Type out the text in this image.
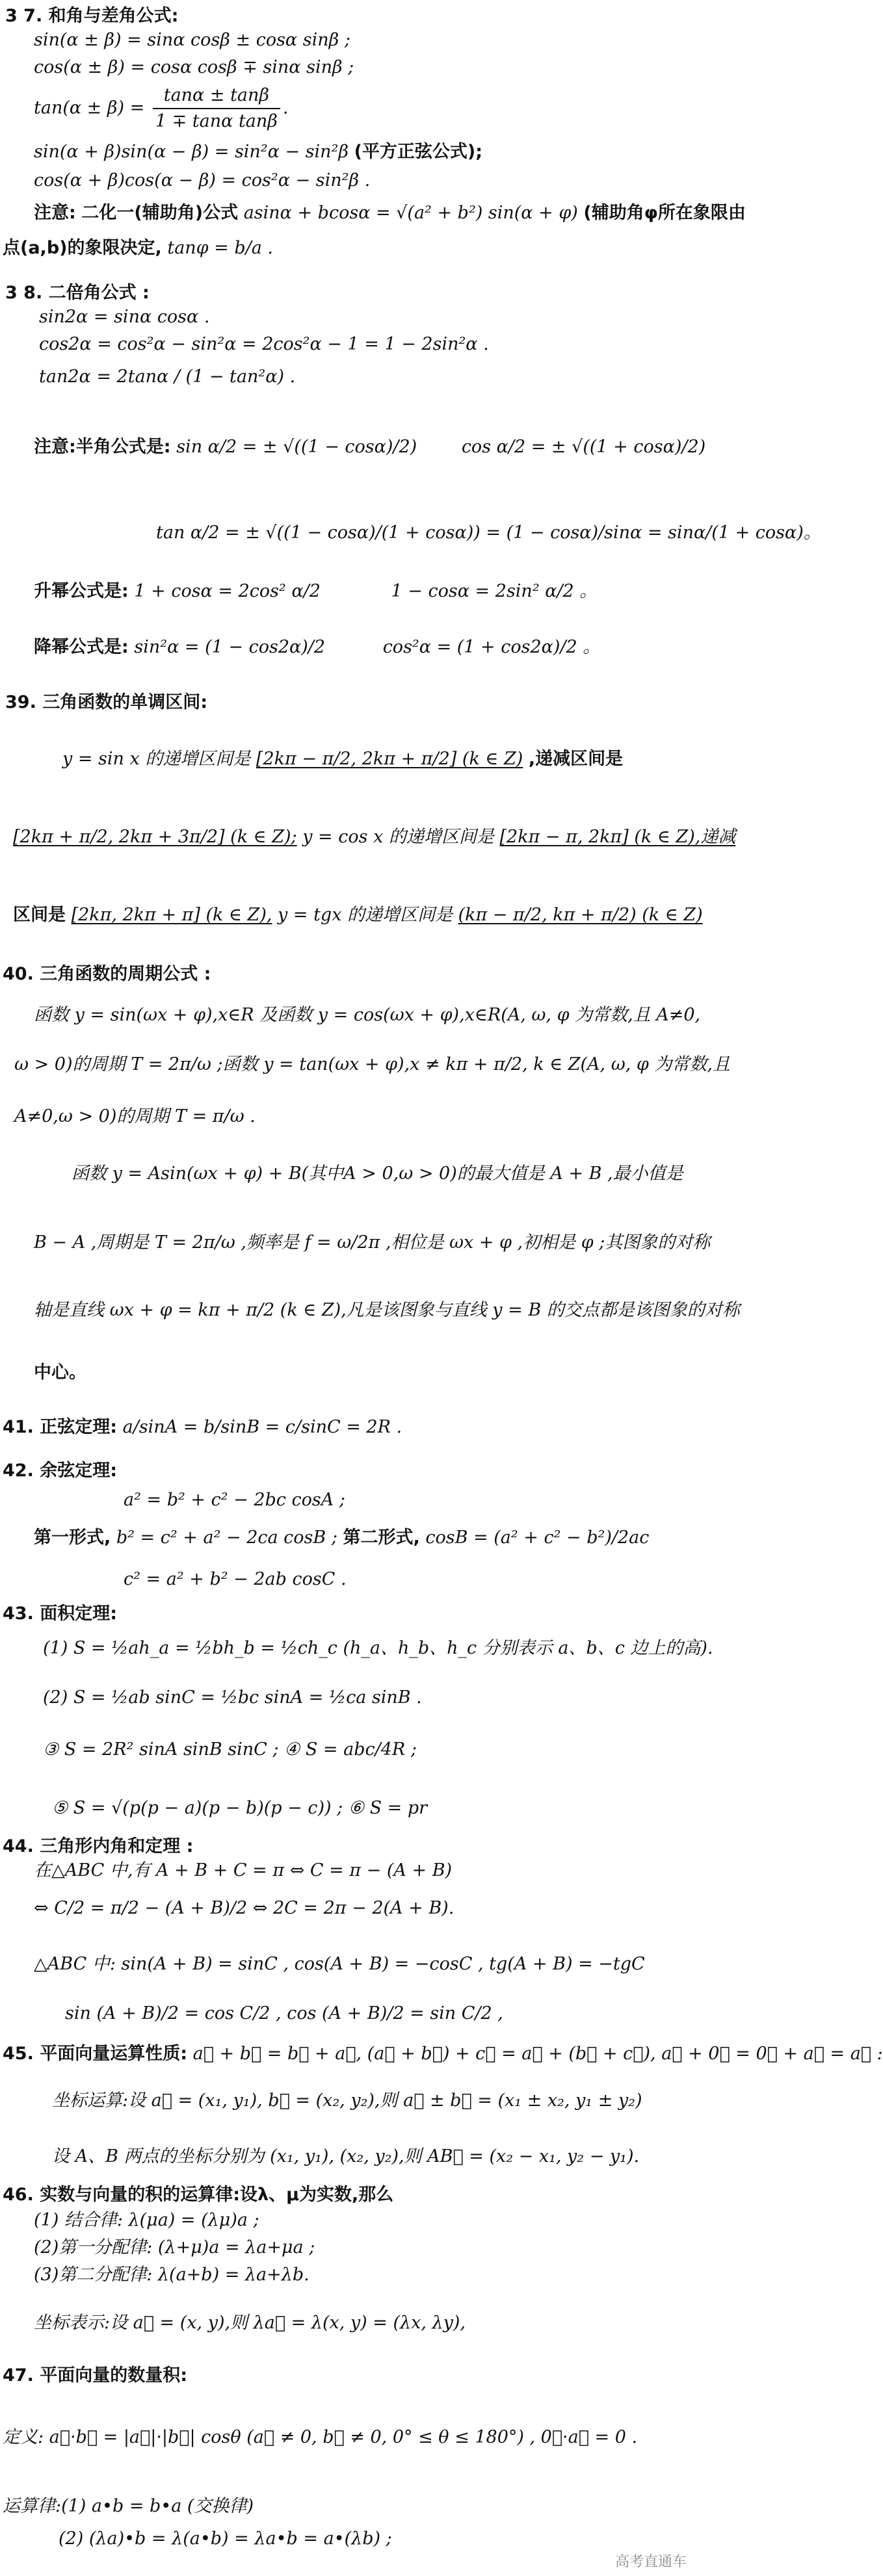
3 7. 和角与差角公式:
sin(α ± β) = sinα cosβ ± cosα sinβ ;
cos(α ± β) = cosα cosβ ∓ sinα sinβ ;
$\tan(\alpha \pm \beta) = \frac{\tan\alpha \pm \tan\beta}{\text{1 ∓ tanα tanβ}}$ .
sin(α + β)sin(α − β) = sin²α − sin²β (平方正弦公式);
cos(α + β)cos(α − β) = cos²α − sin²β .
注意: 二化一(辅助角)公式 asinα + bcosα = √(a² + b²) sin(α + φ) (辅助角φ所在象限由
点(a,b)的象限决定, tanφ = b/a .
3 8. 二倍角公式 :
sin2α = sinα cosα .
cos2α = cos²α − sin²α = 2cos²α − 1 = 1 − 2sin²α .
tan2α = 2tanα / (1 − tan²α) .
注意:半角公式是: sin α/2 = ± √((1 − cosα)/2)	cos α/2 = ± √((1 + cosα)/2)
tan α/2 = ± √((1 − cosα)/(1 + cosα)) = (1 − cosα)/sinα = sinα/(1 + cosα)。
升幂公式是: 1 + cosα = 2cos² α/2	1 − cosα = 2sin² α/2 。
降幂公式是: sin²α = (1 − cos2α)/2	cos²α = (1 + cos2α)/2 。
39. 三角函数的单调区间:
y = sin x 的递增区间是 [2kπ − π/2, 2kπ + π/2] (k ∈ Z) ,递减区间是
[2kπ + π/2, 2kπ + 3π/2] (k ∈ Z); y = cos x 的递增区间是 [2kπ − π, 2kπ] (k ∈ Z),递减
区间是 [2kπ, 2kπ + π] (k ∈ Z), y = tgx 的递增区间是 (kπ − π/2, kπ + π/2) (k ∈ Z)
40. 三角函数的周期公式 :
函数 y = sin(ωx + φ),x∈R 及函数 y = cos(ωx + φ),x∈R(A, ω, φ 为常数,且 A≠0,
ω > 0)的周期 T = 2π/ω ;函数 y = tan(ωx + φ),x ≠ kπ + π/2, k ∈ Z(A, ω, φ 为常数,且
A≠0,ω > 0)的周期 T = π/ω .
函数 y = Asin(ωx + φ) + B(其中A > 0,ω > 0)的最大值是 A + B ,最小值是
B − A ,周期是 T = 2π/ω ,频率是 f = ω/2π ,相位是 ωx + φ ,初相是 φ ;其图象的对称
轴是直线 ωx + φ = kπ + π/2 (k ∈ Z),凡是该图象与直线 y = B 的交点都是该图象的对称
中心。
41. 正弦定理: a/sinA = b/sinB = c/sinC = 2R .
42. 余弦定理:
a² = b² + c² − 2bc cosA ;
第一形式, b² = c² + a² − 2ca cosB ; 第二形式, cosB = (a² + c² − b²)/2ac
c² = a² + b² − 2ab cosC .
43. 面积定理:
(1) S = ½ah_a = ½bh_b = ½ch_c (h_a、h_b、h_c 分别表示 a、b、c 边上的高).
(2) S = ½ab sinC = ½bc sinA = ½ca sinB .
③ S = 2R² sinA sinB sinC ; ④ S = abc/4R ;
⑤ S = √(p(p − a)(p − b)(p − c)) ; ⑥ S = pr
44. 三角形内角和定理 :
在△ABC 中,有 A + B + C = π ⇔ C = π − (A + B)
⇔ C/2 = π/2 − (A + B)/2 ⇔ 2C = 2π − 2(A + B).
△ABC 中: sin(A + B) = sinC , cos(A + B) = −cosC , tg(A + B) = −tgC
sin (A + B)/2 = cos C/2 , cos (A + B)/2 = sin C/2 ,
45. 平面向量运算性质: a⃗ + b⃗ = b⃗ + a⃗, (a⃗ + b⃗) + c⃗ = a⃗ + (b⃗ + c⃗), a⃗ + 0⃗ = 0⃗ + a⃗ = a⃗ :
坐标运算:设 a⃗ = (x₁, y₁), b⃗ = (x₂, y₂),则 a⃗ ± b⃗ = (x₁ ± x₂, y₁ ± y₂)
设 A、B 两点的坐标分别为 (x₁, y₁), (x₂, y₂),则 AB⃗ = (x₂ − x₁, y₂ − y₁).
46. 实数与向量的积的运算律:设λ、μ为实数,那么
(1) 结合律: λ(μa) = (λμ)a ;
(2)第一分配律: (λ+μ)a = λa+μa ;
(3)第二分配律: λ(a+b) = λa+λb.
坐标表示:设 a⃗ = (x, y),则 λa⃗ = λ(x, y) = (λx, λy),
47. 平面向量的数量积:
定义: a⃗·b⃗ = |a⃗|·|b⃗| cosθ (a⃗ ≠ 0, b⃗ ≠ 0, 0° ≤ θ ≤ 180°) , 0⃗·a⃗ = 0 .
运算律:(1) a•b = b•a (交换律)
(2) (λa)•b = λ(a•b) = λa•b = a•(λb) ;
高考直通车
